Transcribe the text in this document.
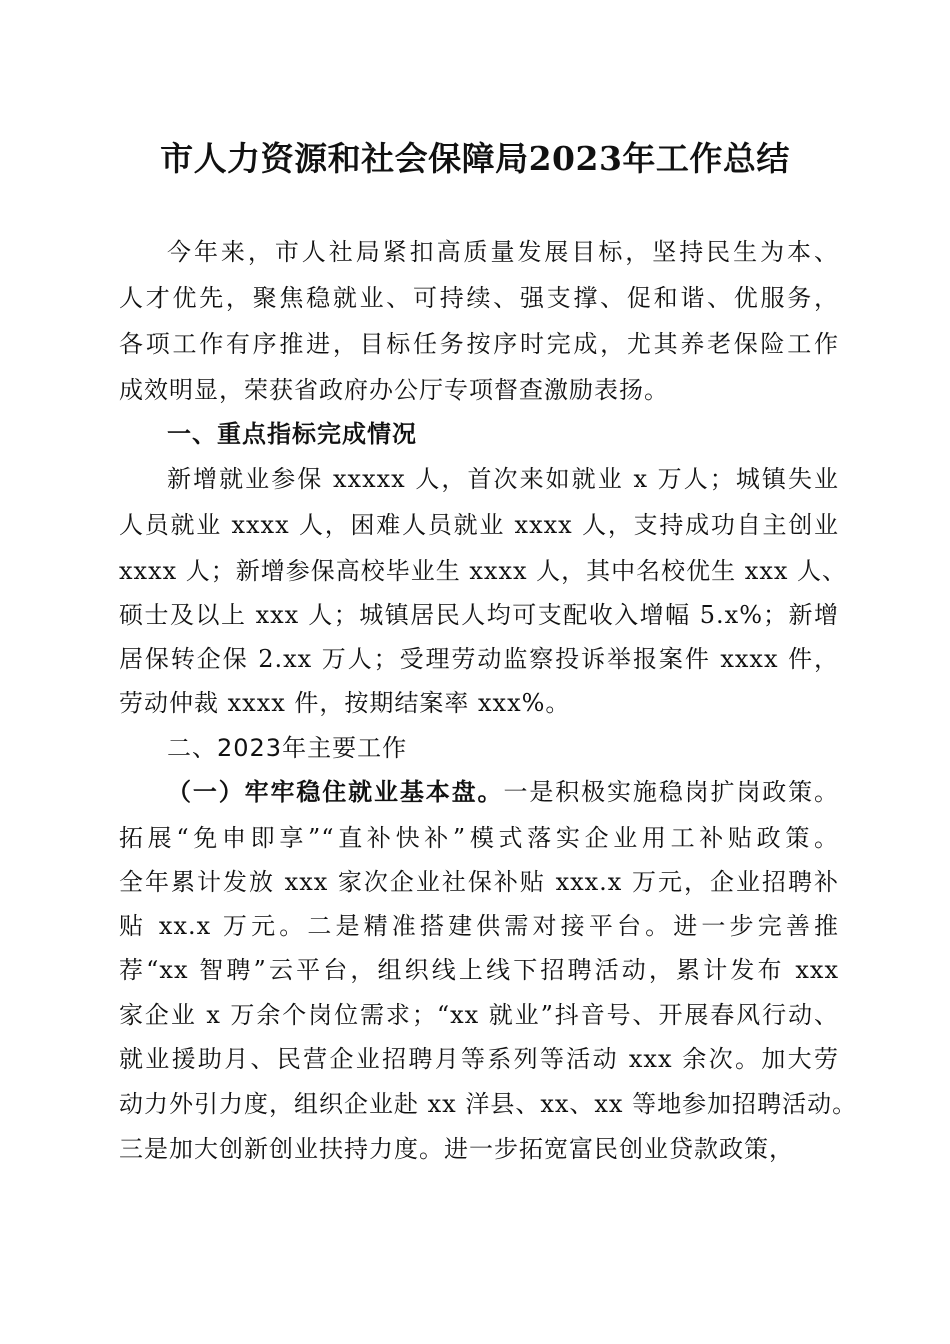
市人力资源和社会保障局2023年工作总结
今年来，市人社局紧扣高质量发展目标，坚持民生为本、
人才优先，聚焦稳就业、可持续、强支撑、促和谐、优服务，
各项工作有序推进，目标任务按序时完成，尤其养老保险工作
成效明显，荣获省政府办公厅专项督查激励表扬。
一、重点指标完成情况
新增就业参保 xxxxx 人，首次来如就业 x 万人；城镇失业
人员就业 xxxx 人，困难人员就业 xxxx 人，支持成功自主创业
xxxx 人；新增参保高校毕业生 xxxx 人，其中名校优生 xxx 人、
硕士及以上 xxx 人；城镇居民人均可支配收入增幅 5.x%；新增
居保转企保 2.xx 万人；受理劳动监察投诉举报案件 xxxx 件，
劳动仲裁 xxxx 件，按期结案率 xxx%。
二、2023年主要工作
（一）牢牢稳住就业基本盘。一是积极实施稳岗扩岗政策。
拓展“免申即享”“直补快补”模式落实企业用工补贴政策。
全年累计发放 xxx 家次企业社保补贴 xxx.x 万元，企业招聘补
贴 xx.x 万元。二是精准搭建供需对接平台。进一步完善推
荐“xx 智聘”云平台，组织线上线下招聘活动，累计发布 xxx
家企业 x 万余个岗位需求；“xx 就业”抖音号、开展春风行动、
就业援助月、民营企业招聘月等系列等活动 xxx 余次。加大劳
动力外引力度，组织企业赴 xx 洋县、xx、xx 等地参加招聘活动。
三是加大创新创业扶持力度。进一步拓宽富民创业贷款政策，
